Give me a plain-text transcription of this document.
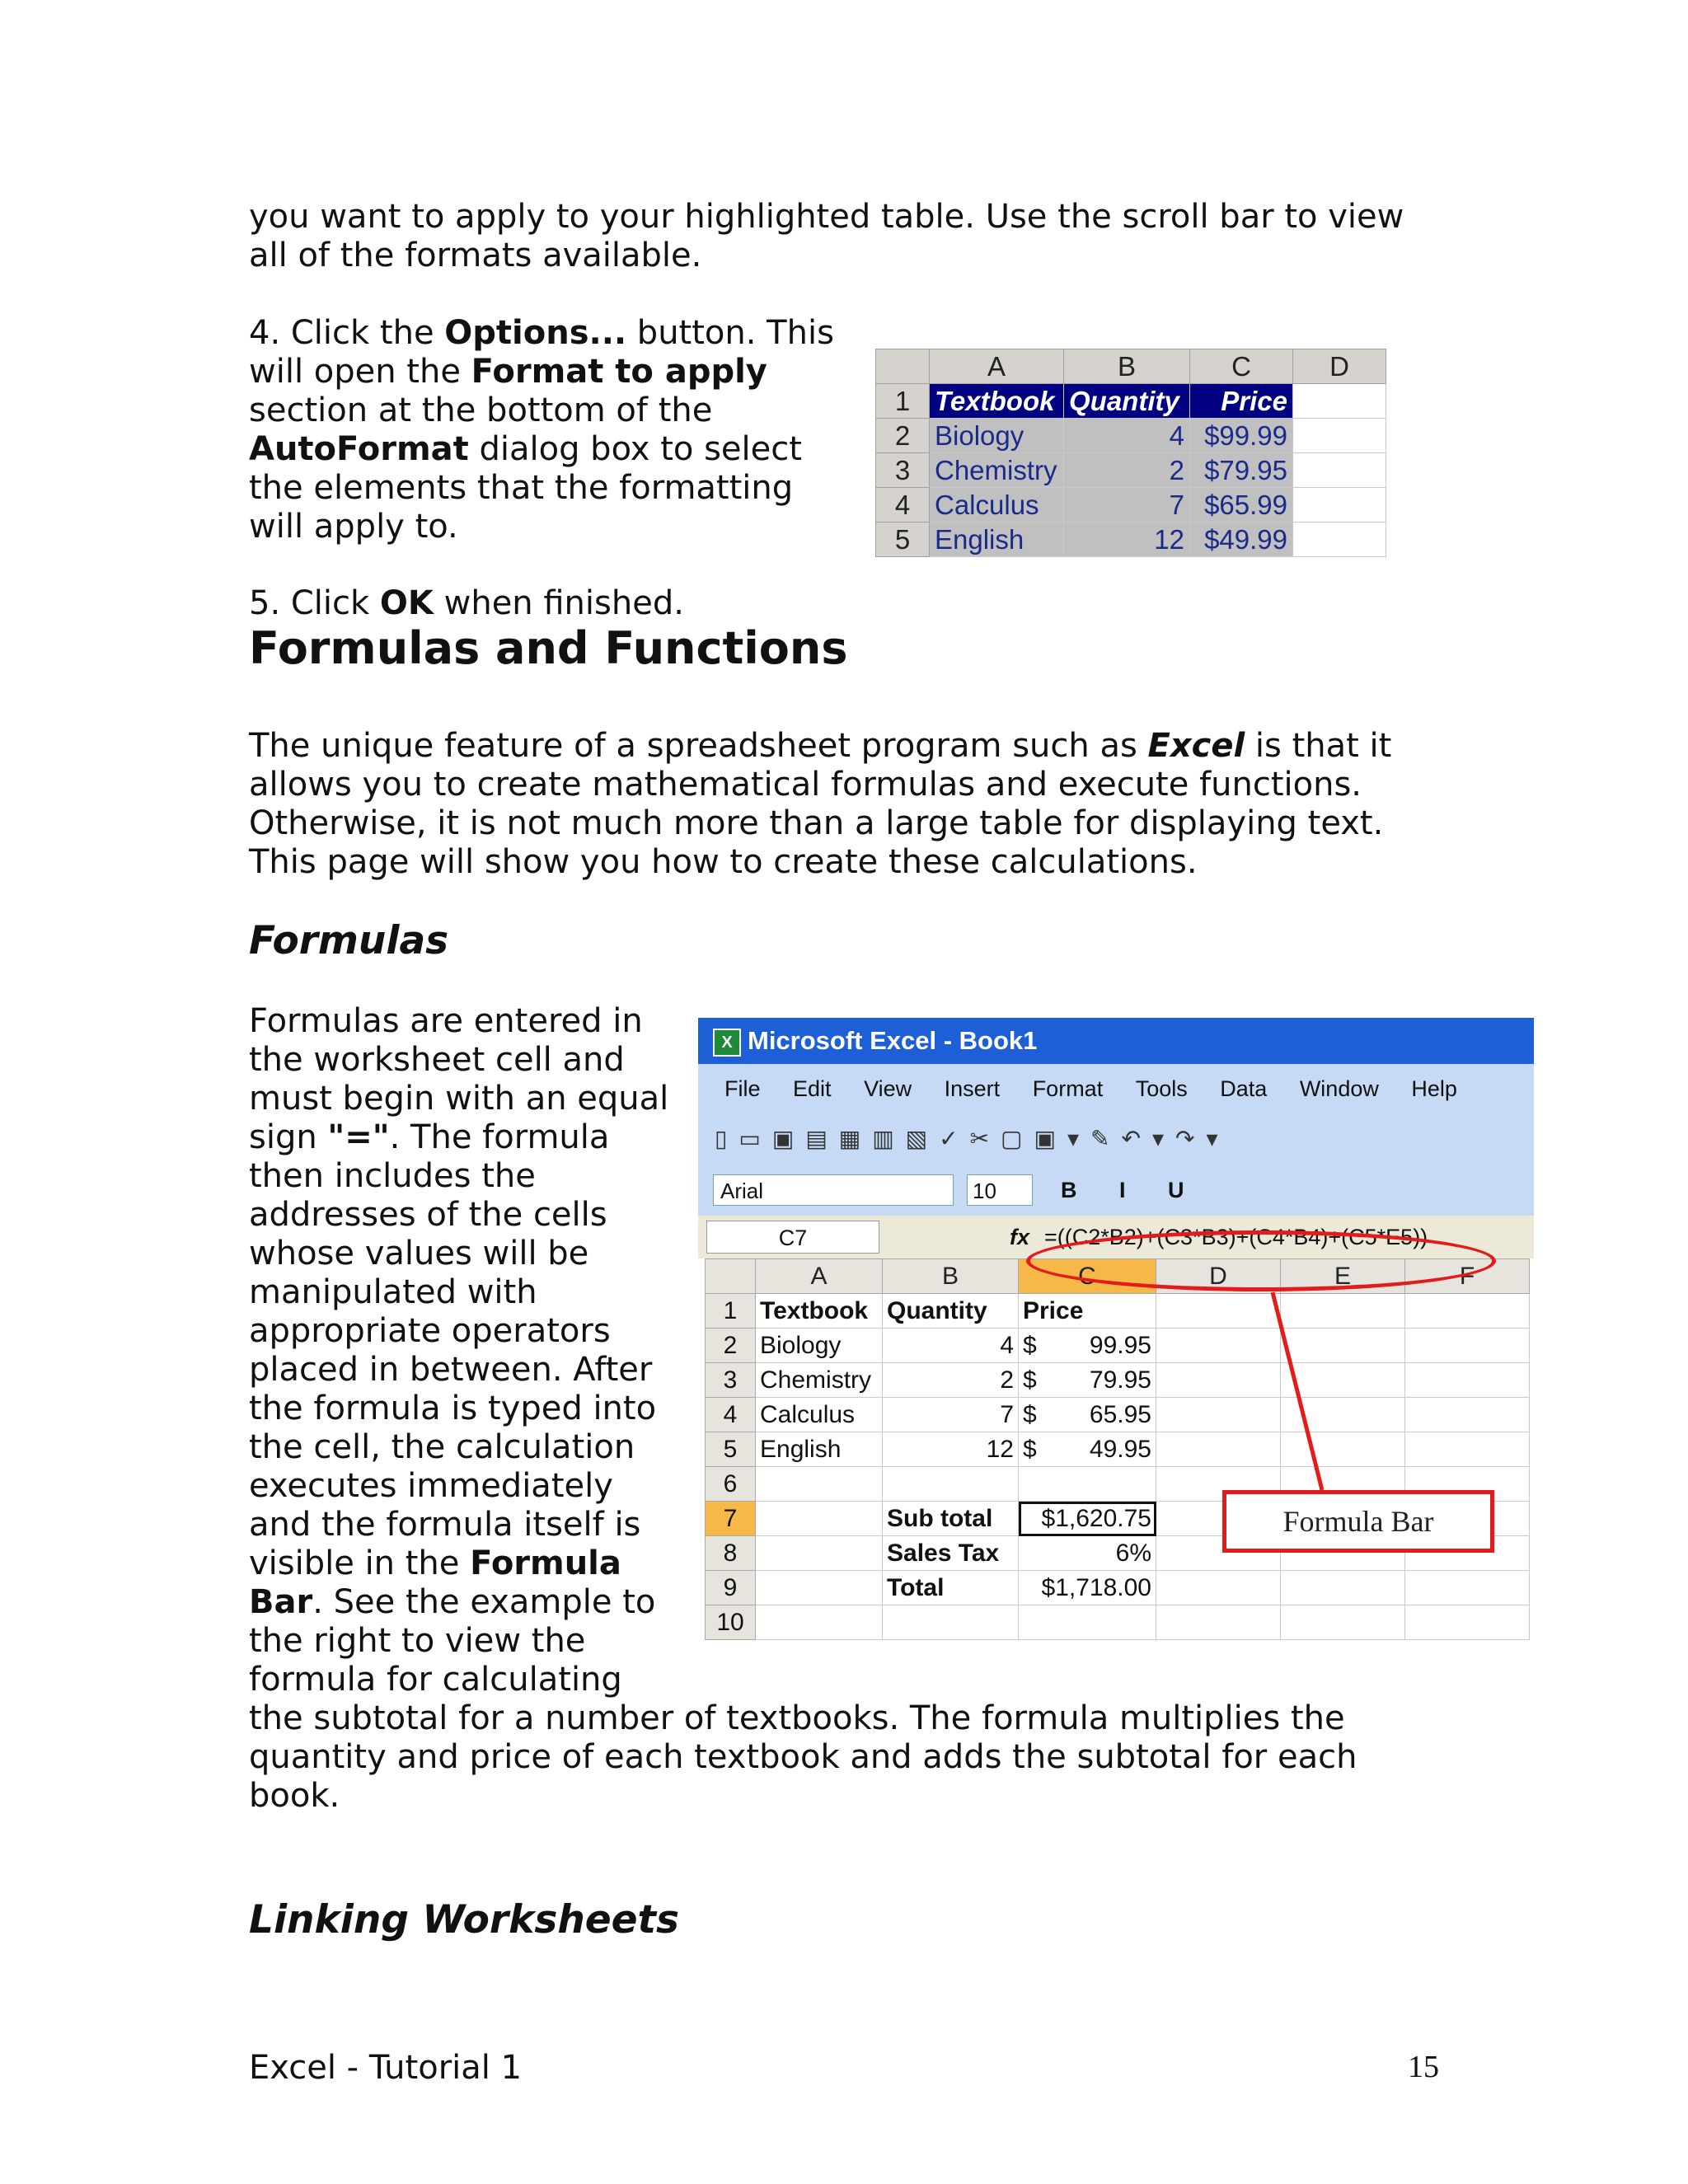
you want to apply to your highlighted table. Use the scroll bar to view
all of the formats available.

4. Click the Options... button. This
will open the Format to apply
section at the bottom of the
AutoFormat dialog box to select
the elements that the formatting
will apply to.

5. Click OK when finished.

	A	B	C	D
1	Textbook	Quantity	Price	
2	Biology	4	$99.99	
3	Chemistry	2	$79.95	
4	Calculus	7	$65.99	
5	English	12	$49.99	
Formulas and Functions

The unique feature of a spreadsheet program such as Excel is that it
allows you to create mathematical formulas and execute functions.
Otherwise, it is not much more than a large table for displaying text.
This page will show you how to create these calculations.

Formulas

Formulas are entered in
the worksheet cell and
must begin with an equal
sign "=". The formula
then includes the
addresses of the cells
whose values will be
manipulated with
appropriate operators
placed in between. After
the formula is typed into
the cell, the calculation
executes immediately
and the formula itself is
visible in the Formula
Bar. See the example to
the right to view the
formula for calculating
the subtotal for a number of textbooks. The formula multiplies the
quantity and price of each textbook and adds the subtotal for each
book.

X Microsoft Excel - Book1
File Edit View Insert Format Tools Data Window Help
▯▭▣▤▦▥▧✓✂▢▣▾✎↶▾↷▾
Arial	10	B I U
C7	fx =((C2*B2)+(C3*B3)+(C4*B4)+(C5*E5))
	A	B	C	D	E	F
1	Textbook	Quantity	Price			
2	Biology	4	$ 99.95			

3	Chemistry	2	$ 79.95			

4	Calculus	7	$ 65.95			

5	English	12	$ 49.95			

6						
7		Sub total	$1,620.75			
8		Sales Tax	6%			
9		Total	$1,718.00			
10						
Formula Bar
Linking Worksheets
Excel - Tutorial 1	15
